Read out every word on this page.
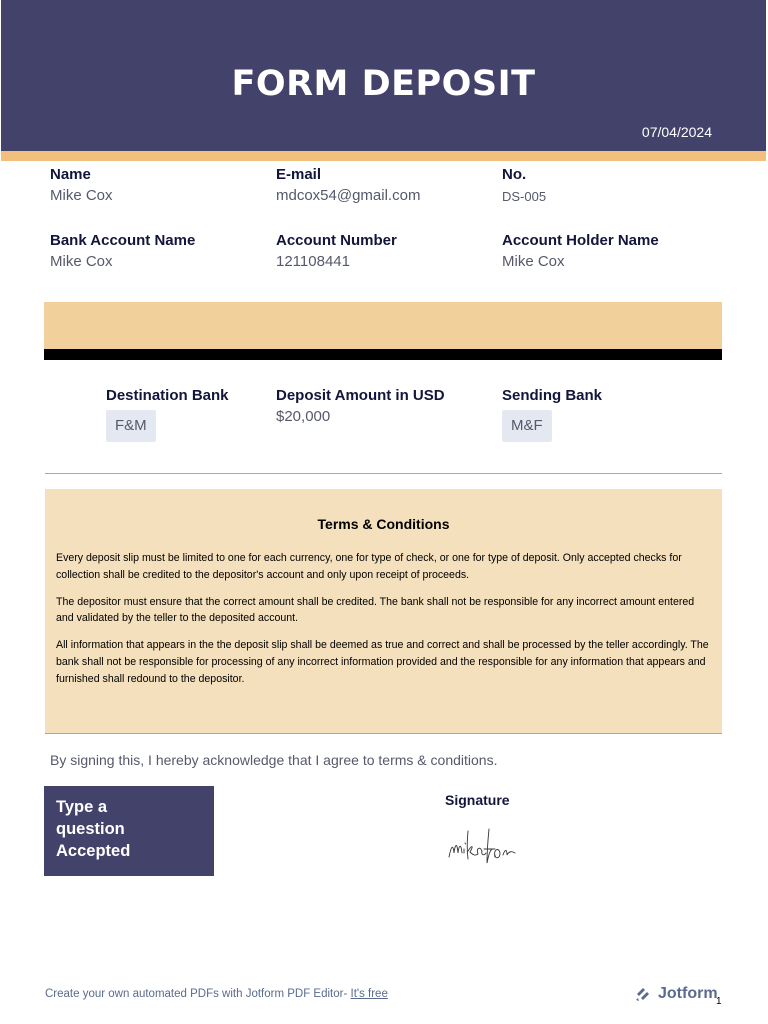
FORM DEPOSIT
07/04/2024
Name
Mike Cox
E-mail
mdcox54@gmail.com
No.
DS-005
Bank Account Name
Mike Cox
Account Number
121108441
Account Holder Name
Mike Cox
Destination Bank
F&M
Deposit Amount in USD
$20,000
Sending Bank
M&F
Terms & Conditions

Every deposit slip must be limited to one for each currency, one for type of check, or one for type of deposit. Only accepted checks for collection shall be credited to the depositor's account and only upon receipt of proceeds.

The depositor must ensure that the correct amount shall be credited. The bank shall not be responsible for any incorrect amount entered and validated by the teller to the deposited account.

All information that appears in the the deposit slip shall be deemed as true and correct and shall be processed by the teller accordingly. The bank shall not be responsible for processing of any incorrect information provided and the responsible for any information that appears and furnished shall redound to the depositor.

By signing this, I hereby acknowledge that I agree to terms & conditions.
Type a
question
Accepted
Signature
Create your own automated PDFs with Jotform PDF Editor- It's free	Jotform
1
